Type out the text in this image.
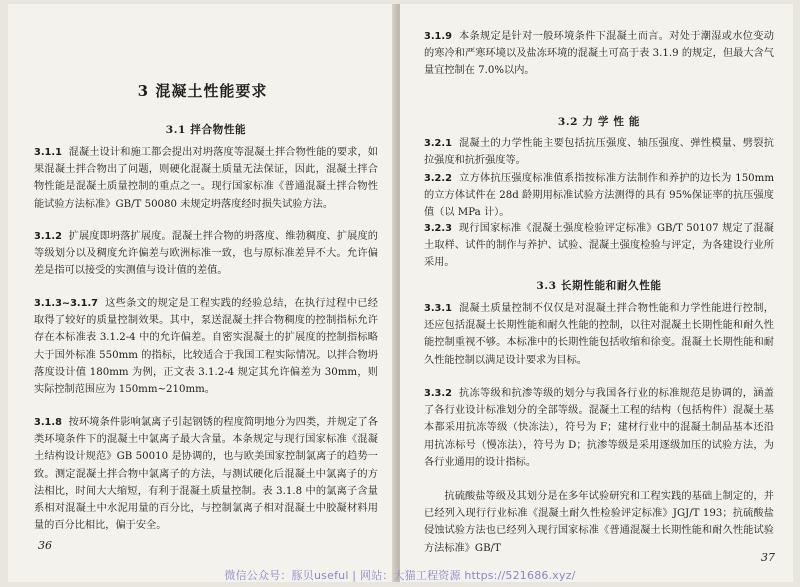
3 混凝土性能要求
3.1 拌合物性能
3.1.1 混凝土设计和施工都会提出对坍落度等混凝土拌合物性能的要求，如果混凝土拌合物出了问题，则硬化混凝土质量无法保证，因此，混凝土拌合物性能是混凝土质量控制的重点之一。现行国家标准《普通混凝土拌合物性能试验方法标准》GB/T 50080 未规定坍落度经时损失试验方法。
3.1.2 扩展度即坍落扩展度。混凝土拌合物的坍落度、维勃稠度、扩展度的等级划分以及稠度允许偏差与欧洲标准一致，也与原标准差异不大。允许偏差是指可以接受的实测值与设计值的差值。
3.1.3~3.1.7 这些条文的规定是工程实践的经验总结，在执行过程中已经取得了较好的质量控制效果。其中，泵送混凝土拌合物稠度的控制指标允许存在本标准表 3.1.2-4 中的允许偏差。自密实混凝土的扩展度的控制指标略大于国外标准 550mm 的指标，比较适合于我国工程实际情况。以拌合物坍落度设计值 180mm 为例，正文表 3.1.2-4 规定其允许偏差为 30mm，则实际控制范围应为 150mm~210mm。
3.1.8 按环境条件影响氯离子引起钢锈的程度简明地分为四类，并规定了各类环境条件下的混凝土中氯离子最大含量。本条规定与现行国家标准《混凝土结构设计规范》GB 50010 是协调的，也与欧美国家控制氯离子的趋势一致。测定混凝土拌合物中氯离子的方法，与测试硬化后混凝土中氯离子的方法相比，时间大大缩短，有利于混凝土质量控制。表 3.1.8 中的氯离子含量系相对混凝土中水泥用量的百分比，与控制氯离子相对混凝土中胶凝材料用量的百分比相比，偏于安全。
36
3.1.9 本条规定是针对一般环境条件下混凝土而言。对处于潮湿或水位变动的寒冷和严寒环境以及盐冻环境的混凝土可高于表 3.1.9 的规定，但最大含气量宜控制在 7.0%以内。
3.2 力 学 性 能
3.2.1 混凝土的力学性能主要包括抗压强度、轴压强度、弹性模量、劈裂抗拉强度和抗折强度等。
3.2.2 立方体抗压强度标准值系指按标准方法制作和养护的边长为 150mm 的立方体试件在 28d 龄期用标准试验方法测得的具有 95%保证率的抗压强度值（以 MPa 计）。
3.2.3 现行国家标准《混凝土强度检验评定标准》GB/T 50107 规定了混凝土取样、试件的制作与养护、试验、混凝土强度检验与评定，为各建设行业所采用。
3.3 长期性能和耐久性能
3.3.1 混凝土质量控制不仅仅是对混凝土拌合物性能和力学性能进行控制，还应包括混凝土长期性能和耐久性能的控制，以往对混凝土长期性能和耐久性能控制重视不够。本标准中的长期性能包括收缩和徐变。混凝土长期性能和耐久性能控制以满足设计要求为目标。
3.3.2 抗冻等级和抗渗等级的划分与我国各行业的标准规范是协调的，涵盖了各行业设计标准划分的全部等级。混凝土工程的结构（包括构件）混凝土基本都采用抗冻等级（快冻法），符号为 F；建材行业中的混凝土制品基本还沿用抗冻标号（慢冻法），符号为 D；抗渗等级是采用逐级加压的试验方法，为各行业通用的设计指标。
抗硫酸盐等级及其划分是在多年试验研究和工程实践的基础上制定的，并已经列入现行行业标准《混凝土耐久性检验评定标准》JGJ/T 193；抗硫酸盐侵蚀试验方法也已经列入现行国家标准《普通混凝土长期性能和耐久性能试验方法标准》GB/T
37
微信公众号：豚贝useful | 网站：大猫工程资源 https://521686.xyz/
